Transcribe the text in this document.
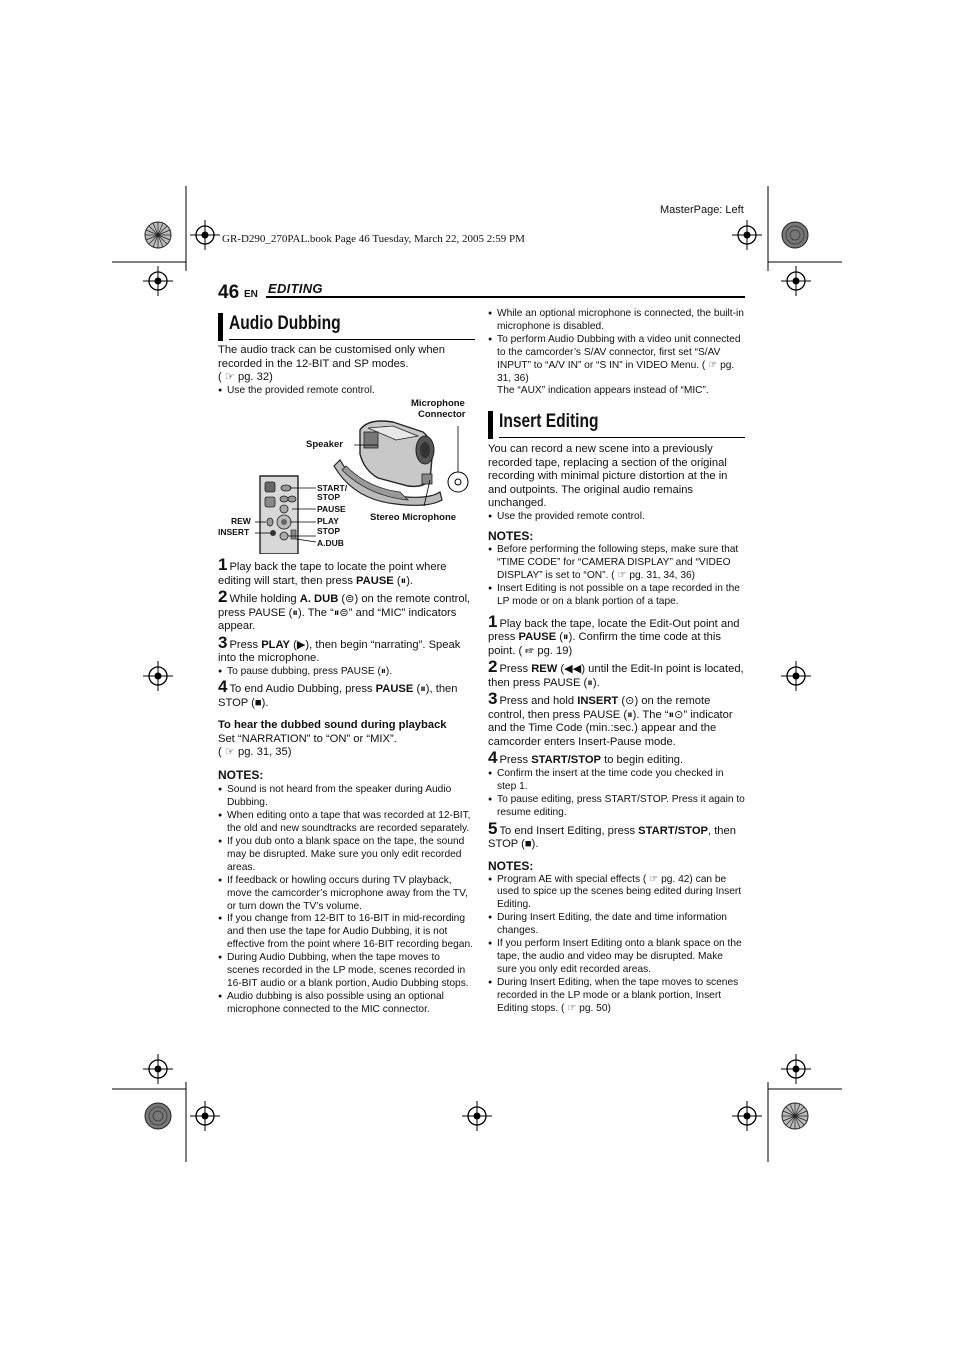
MasterPage: Left
GR-D290_270PAL.book Page 46 Tuesday, March 22, 2005 2:59 PM
46 EN EDITING
Audio Dubbing
The audio track can be customised only when recorded in the 12-BIT and SP modes.
( ☞ pg. 32)
● Use the provided remote control.
Microphone
Connector
Speaker
START/
STOP
PAUSE
PLAY
STOP
A.DUB
REW
INSERT
Stereo Microphone
1 Play back the tape to locate the point where editing will start, then press PAUSE (⏸).
2 While holding A. DUB (⊜) on the remote control, press PAUSE (⏸). The “⏸⊜” and “MIC” indicators appear.
3 Press PLAY (▶), then begin “narrating”. Speak into the microphone.
● To pause dubbing, press PAUSE (⏸).
4 To end Audio Dubbing, press PAUSE (⏸), then STOP (■).
To hear the dubbed sound during playback
Set “NARRATION” to “ON” or “MIX”.
( ☞ pg. 31, 35)
NOTES:
● Sound is not heard from the speaker during Audio Dubbing.
● When editing onto a tape that was recorded at 12-BIT, the old and new soundtracks are recorded separately.
● If you dub onto a blank space on the tape, the sound may be disrupted. Make sure you only edit recorded areas.
● If feedback or howling occurs during TV playback, move the camcorder’s microphone away from the TV, or turn down the TV’s volume.
● If you change from 12-BIT to 16-BIT in mid-recording and then use the tape for Audio Dubbing, it is not effective from the point where 16-BIT recording began.
● During Audio Dubbing, when the tape moves to scenes recorded in the LP mode, scenes recorded in 16-BIT audio or a blank portion, Audio Dubbing stops.
● Audio dubbing is also possible using an optional microphone connected to the MIC connector.
● While an optional microphone is connected, the built-in microphone is disabled.
● To perform Audio Dubbing with a video unit connected to the camcorder’s S/AV connector, first set “S/AV INPUT” to “A/V IN” or “S IN” in VIDEO Menu. ( ☞ pg. 31, 36)
The “AUX” indication appears instead of “MIC”.
Insert Editing
You can record a new scene into a previously recorded tape, replacing a section of the original recording with minimal picture distortion at the in and outpoints. The original audio remains unchanged.
● Use the provided remote control.
NOTES:
● Before performing the following steps, make sure that “TIME CODE” for “CAMERA DISPLAY” and “VIDEO DISPLAY” is set to “ON”. ( ☞ pg. 31, 34, 36)
● Insert Editing is not possible on a tape recorded in the LP mode or on a blank portion of a tape.
1 Play back the tape, locate the Edit-Out point and press PAUSE (⏸). Confirm the time code at this point. ( ☞ pg. 19)
2 Press REW (◀◀) until the Edit-In point is located, then press PAUSE (⏸).
3 Press and hold INSERT (⊙) on the remote control, then press PAUSE (⏸). The “⏸⊙” indicator and the Time Code (min.:sec.) appear and the camcorder enters Insert-Pause mode.
4 Press START/STOP to begin editing.
● Confirm the insert at the time code you checked in step 1.
● To pause editing, press START/STOP. Press it again to resume editing.
5 To end Insert Editing, press START/STOP, then STOP (■).
NOTES:
● Program AE with special effects ( ☞ pg. 42) can be used to spice up the scenes being edited during Insert Editing.
● During Insert Editing, the date and time information changes.
● If you perform Insert Editing onto a blank space on the tape, the audio and video may be disrupted. Make sure you only edit recorded areas.
● During Insert Editing, when the tape moves to scenes recorded in the LP mode or a blank portion, Insert Editing stops. ( ☞ pg. 50)
